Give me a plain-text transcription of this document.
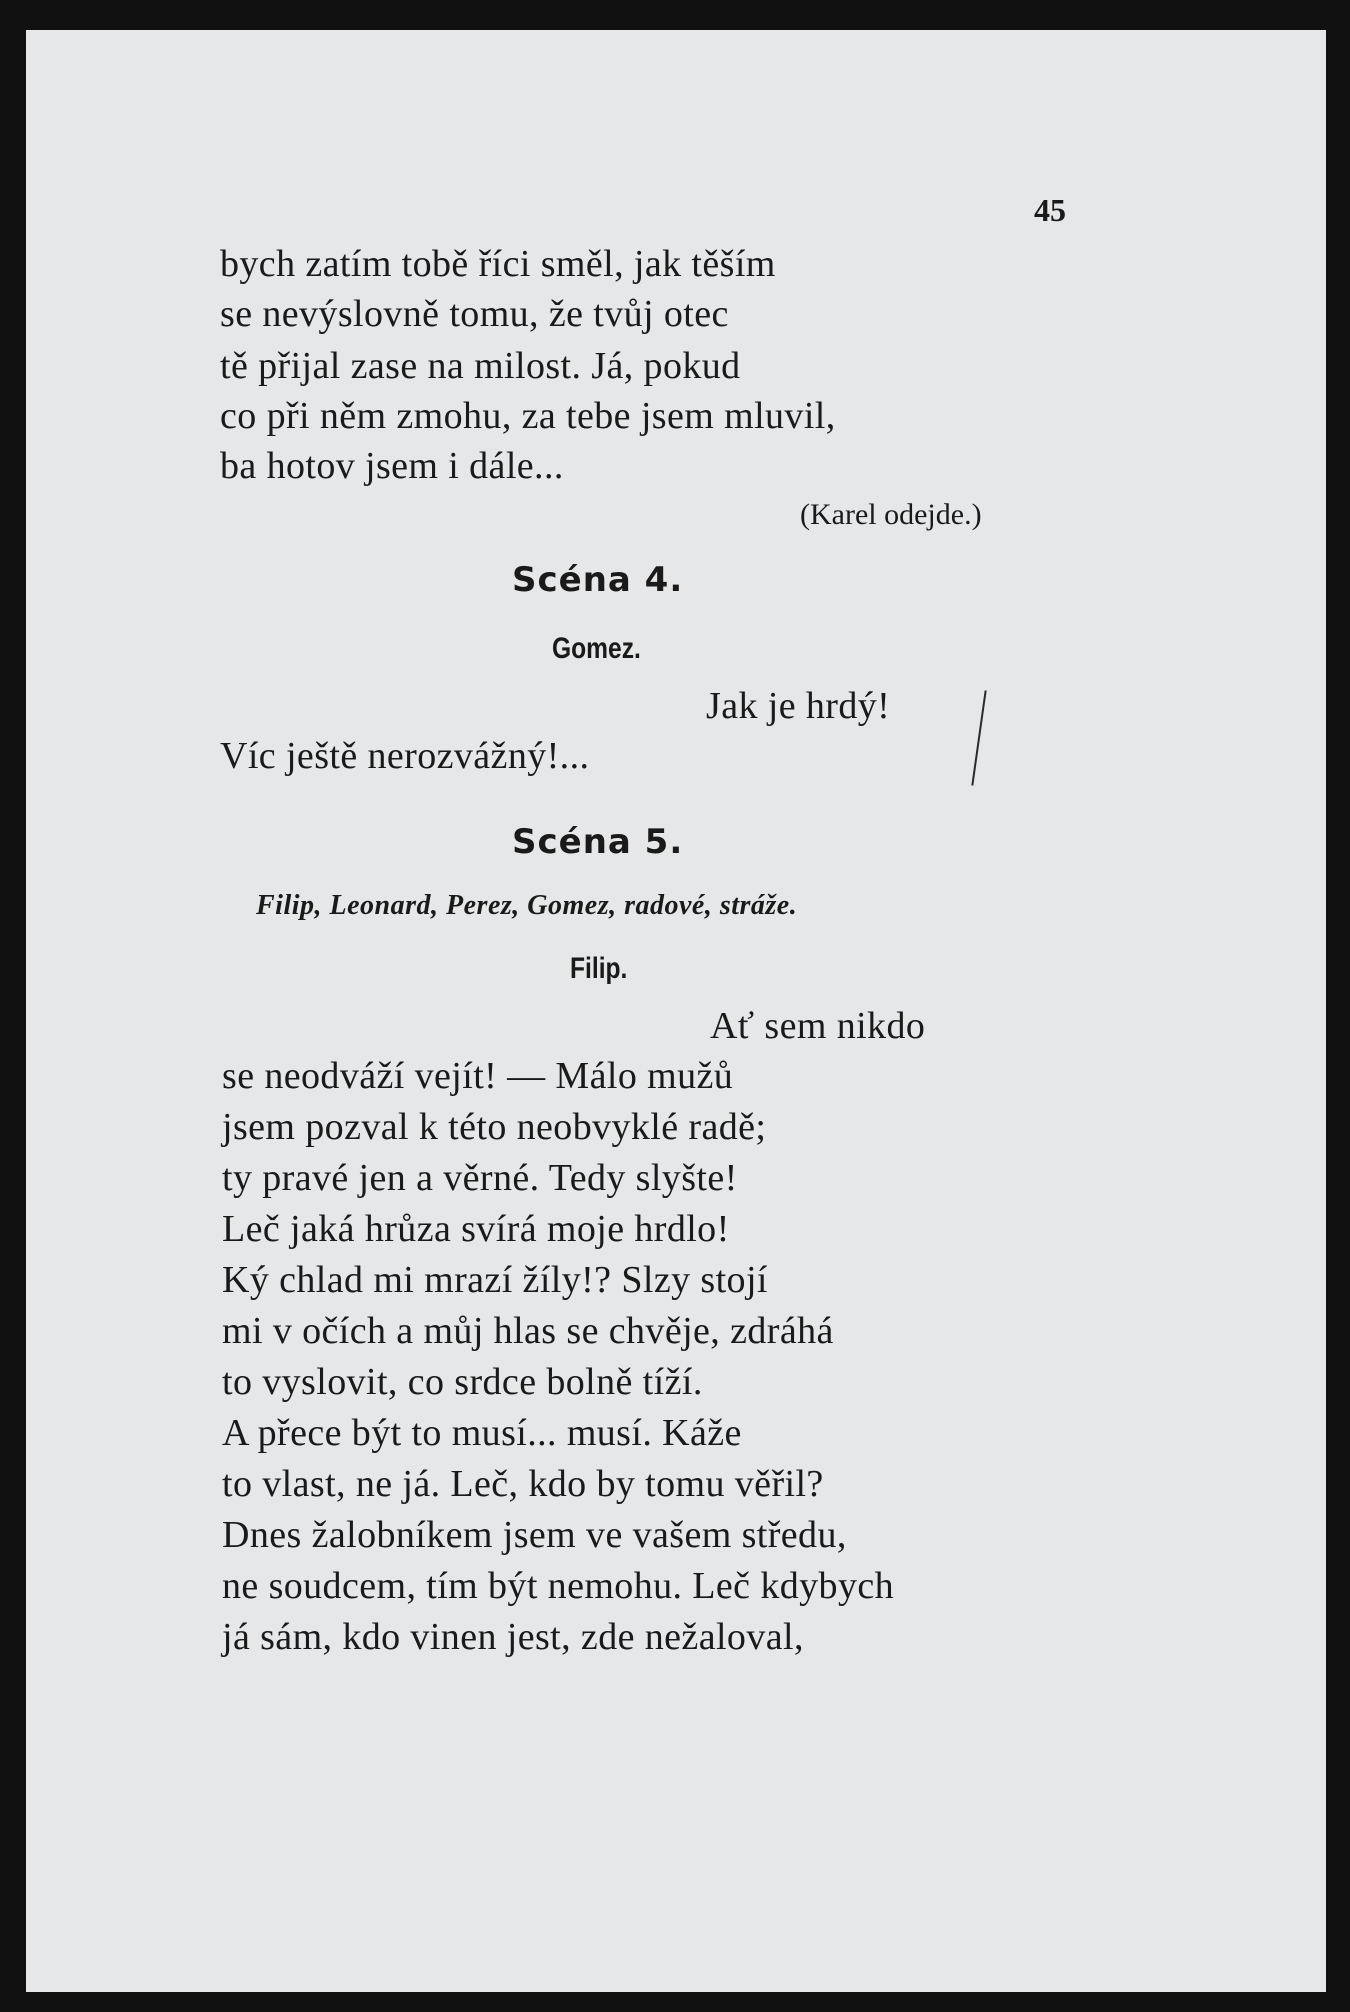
45
bych zatím tobě říci směl, jak těším
se nevýslovně tomu, že tvůj otec
tě přijal zase na milost. Já, pokud
co při něm zmohu, za tebe jsem mluvil,
ba hotov jsem i dále...
(Karel odejde.)
Scéna 4.
Gomez.
Jak je hrdý!
Víc ještě nerozvážný!...
Scéna 5.
Filip, Leonard, Perez, Gomez, radové, stráže.
Filip.
Ať sem nikdo
se neodváží vejít! — Málo mužů
jsem pozval k této neobvyklé radě;
ty pravé jen a věrné. Tedy slyšte!
Leč jaká hrůza svírá moje hrdlo!
Ký chlad mi mrazí žíly!? Slzy stojí
mi v očích a můj hlas se chvěje, zdráhá
to vyslovit, co srdce bolně tíží.
A přece být to musí... musí. Káže
to vlast, ne já. Leč, kdo by tomu věřil?
Dnes žalobníkem jsem ve vašem středu,
ne soudcem, tím být nemohu. Leč kdybych
já sám, kdo vinen jest, zde nežaloval,
